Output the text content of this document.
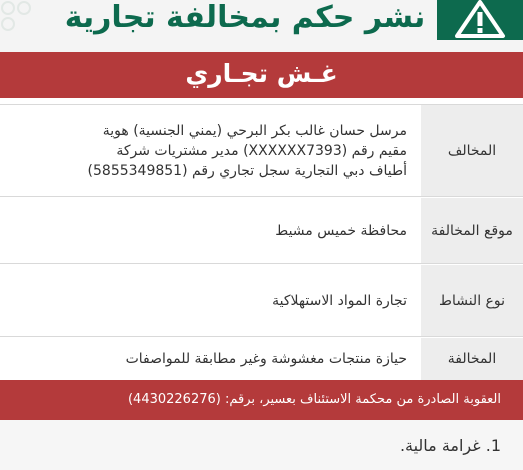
نشر حكم بمخالفة تجارية
غـش تجـاري
المخالف
مرسل حسان غالب بكر البرحي (يمني الجنسية) هوية
مقيم رقم (XXXXXX7393) مدير مشتريات شركة
أطياف دبي التجارية سجل تجاري رقم (5855349851)
موقع المخالفة
محافظة خميس مشيط
نوع النشاط
تجارة المواد الاستهلاكية
المخالفة
حيازة منتجات مغشوشة وغير مطابقة للمواصفات
العقوبة الصادرة من محكمة الاستئناف بعسير، برقم: (4430226276)
1. غرامة مالية.
